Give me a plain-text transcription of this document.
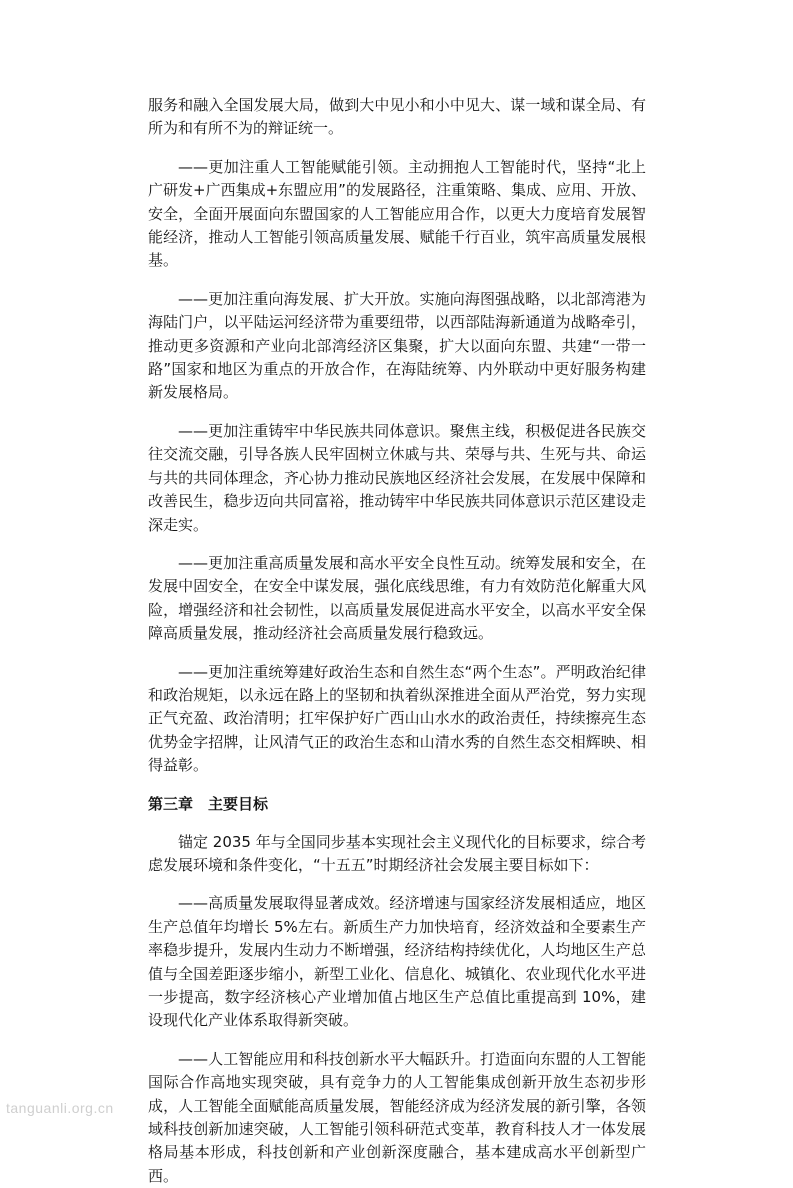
服务和融入全国发展大局，做到大中见小和小中见大、谋一域和谋全局、有所为和有所不为的辩证统一。

——更加注重人工智能赋能引领。主动拥抱人工智能时代，坚持“北上广研发+广西集成+东盟应用”的发展路径，注重策略、集成、应用、开放、安全，全面开展面向东盟国家的人工智能应用合作，以更大力度培育发展智能经济，推动人工智能引领高质量发展、赋能千行百业，筑牢高质量发展根基。

——更加注重向海发展、扩大开放。实施向海图强战略，以北部湾港为海陆门户，以平陆运河经济带为重要纽带，以西部陆海新通道为战略牵引，推动更多资源和产业向北部湾经济区集聚，扩大以面向东盟、共建“一带一路”国家和地区为重点的开放合作，在海陆统筹、内外联动中更好服务构建新发展格局。

——更加注重铸牢中华民族共同体意识。聚焦主线，积极促进各民族交往交流交融，引导各族人民牢固树立休戚与共、荣辱与共、生死与共、命运与共的共同体理念，齐心协力推动民族地区经济社会发展，在发展中保障和改善民生，稳步迈向共同富裕，推动铸牢中华民族共同体意识示范区建设走深走实。

——更加注重高质量发展和高水平安全良性互动。统筹发展和安全，在发展中固安全，在安全中谋发展，强化底线思维，有力有效防范化解重大风险，增强经济和社会韧性，以高质量发展促进高水平安全，以高水平安全保障高质量发展，推动经济社会高质量发展行稳致远。

——更加注重统筹建好政治生态和自然生态“两个生态”。严明政治纪律和政治规矩，以永远在路上的坚韧和执着纵深推进全面从严治党，努力实现正气充盈、政治清明；扛牢保护好广西山山水水的政治责任，持续擦亮生态优势金字招牌，让风清气正的政治生态和山清水秀的自然生态交相辉映、相得益彰。

第三章　主要目标

锚定 2035 年与全国同步基本实现社会主义现代化的目标要求，综合考虑发展环境和条件变化，“十五五”时期经济社会发展主要目标如下：

——高质量发展取得显著成效。经济增速与国家经济发展相适应，地区生产总值年均增长 5%左右。新质生产力加快培育，经济效益和全要素生产率稳步提升，发展内生动力不断增强，经济结构持续优化，人均地区生产总值与全国差距逐步缩小，新型工业化、信息化、城镇化、农业现代化水平进一步提高，数字经济核心产业增加值占地区生产总值比重提高到 10%，建设现代化产业体系取得新突破。

——人工智能应用和科技创新水平大幅跃升。打造面向东盟的人工智能国际合作高地实现突破，具有竞争力的人工智能集成创新开放生态初步形成，人工智能全面赋能高质量发展，智能经济成为经济发展的新引擎，各领域科技创新加速突破，人工智能引领科研范式变革，教育科技人才一体发展格局基本形成，科技创新和产业创新深度融合，基本建成高水平创新型广西。

tanguanli.org.cn
